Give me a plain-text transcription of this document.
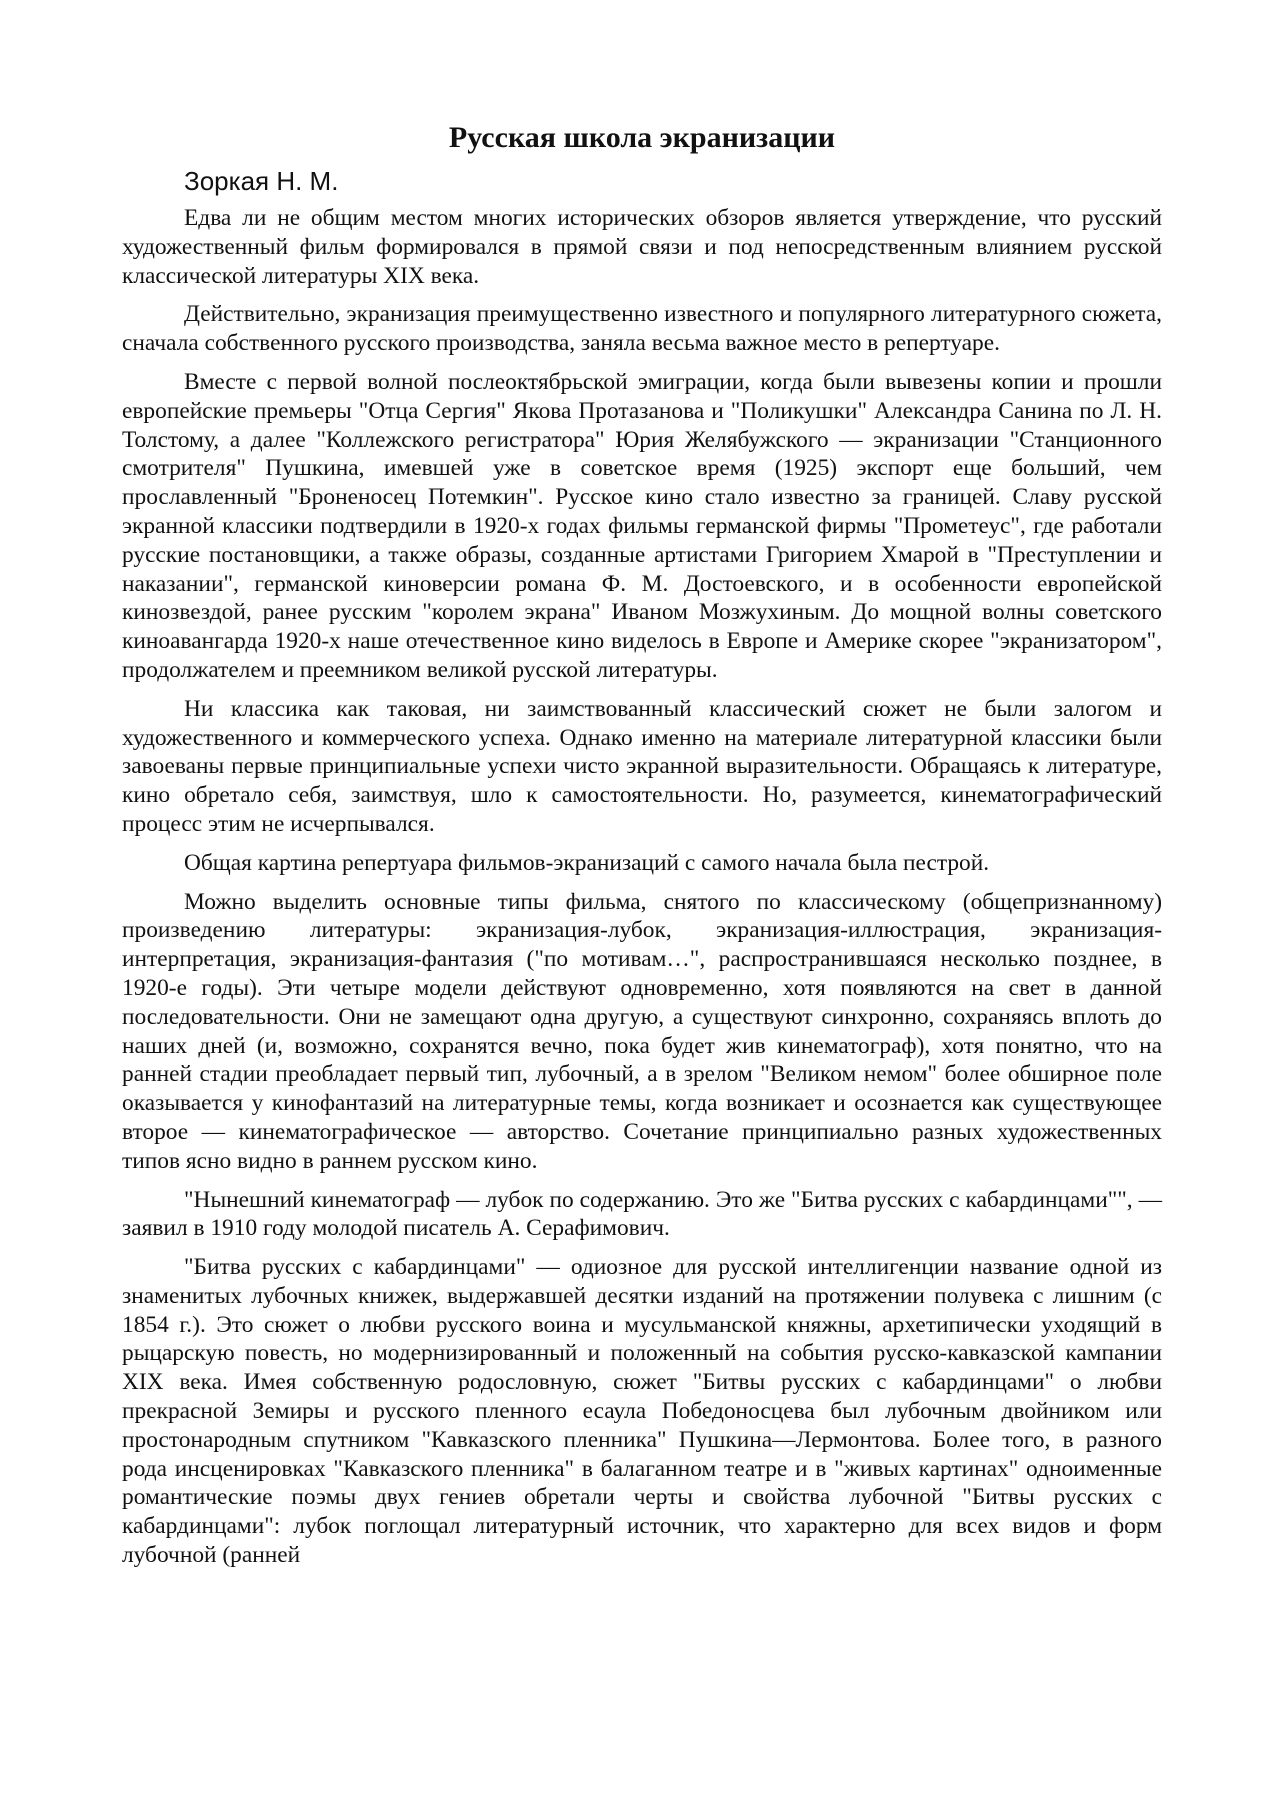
Русская школа экранизации
Зоркая Н. М.

Едва ли не общим местом многих исторических обзоров является утверждение, что русский художественный фильм формировался в прямой связи и под непосредственным влиянием русской классической литературы XIX века.

Действительно, экранизация преимущественно известного и популярного литературного сюжета, сначала собственного русского производства, заняла весьма важное место в репертуаре.

Вместе с первой волной послеоктябрьской эмиграции, когда были вывезены копии и прошли европейские премьеры "Отца Сергия" Якова Протазанова и "Поликушки" Александра Санина по Л. Н. Толстому, а далее "Коллежского регистратора" Юрия Желябужского — экранизации "Станционного смотрителя" Пушкина, имевшей уже в советское время (1925) экспорт еще больший, чем прославленный "Броненосец Потемкин". Русское кино стало известно за границей. Славу русской экранной классики подтвердили в 1920-х годах фильмы германской фирмы "Прометеус", где работали русские постановщики, а также образы, созданные артистами Григорием Хмарой в "Преступлении и наказании", германской киноверсии романа Ф. М. Достоевского, и в особенности европейской кинозвездой, ранее русским "королем экрана" Иваном Мозжухиным. До мощной волны советского киноавангарда 1920-х наше отечественное кино виделось в Европе и Америке скорее "экранизатором", продолжателем и преемником великой русской литературы.

Ни классика как таковая, ни заимствованный классический сюжет не были залогом и художественного и коммерческого успеха. Однако именно на материале литературной классики были завоеваны первые принципиальные успехи чисто экранной выразительности. Обращаясь к литературе, кино обретало себя, заимствуя, шло к самостоятельности. Но, разумеется, кинематографический процесс этим не исчерпывался.

Общая картина репертуара фильмов-экранизаций с самого начала была пестрой.

Можно выделить основные типы фильма, снятого по классическому (общепризнанному) произведению литературы: экранизация-лубок, экранизация-иллюстрация, экранизация-интерпретация, экранизация-фантазия ("по мотивам…", распространившаяся несколько позднее, в 1920-е годы). Эти четыре модели действуют одновременно, хотя появляются на свет в данной последовательности. Они не замещают одна другую, а существуют синхронно, сохраняясь вплоть до наших дней (и, возможно, сохранятся вечно, пока будет жив кинематограф), хотя понятно, что на ранней стадии преобладает первый тип, лубочный, а в зрелом "Великом немом" более обширное поле оказывается у кинофантазий на литературные темы, когда возникает и осознается как существующее второе — кинематографическое — авторство. Сочетание принципиально разных художественных типов ясно видно в раннем русском кино.

"Нынешний кинематограф — лубок по содержанию. Это же "Битва русских с кабардинцами"", — заявил в 1910 году молодой писатель А. Серафимович.

"Битва русских с кабардинцами" — одиозное для русской интеллигенции название одной из знаменитых лубочных книжек, выдержавшей десятки изданий на протяжении полувека с лишним (с 1854 г.). Это сюжет о любви русского воина и мусульманской княжны, архетипически уходящий в рыцарскую повесть, но модернизированный и положенный на события русско-кавказской кампании XIX века. Имея собственную родословную, сюжет "Битвы русских с кабардинцами" о любви прекрасной Земиры и русского пленного есаула Победоносцева был лубочным двойником или простонародным спутником "Кавказского пленника" Пушкина—Лермонтова. Более того, в разного рода инсценировках "Кавказского пленника" в балаганном театре и в "живых картинах" одноименные романтические поэмы двух гениев обретали черты и свойства лубочной "Битвы русских с кабардинцами": лубок поглощал литературный источник, что характерно для всех видов и форм лубочной (ранней
